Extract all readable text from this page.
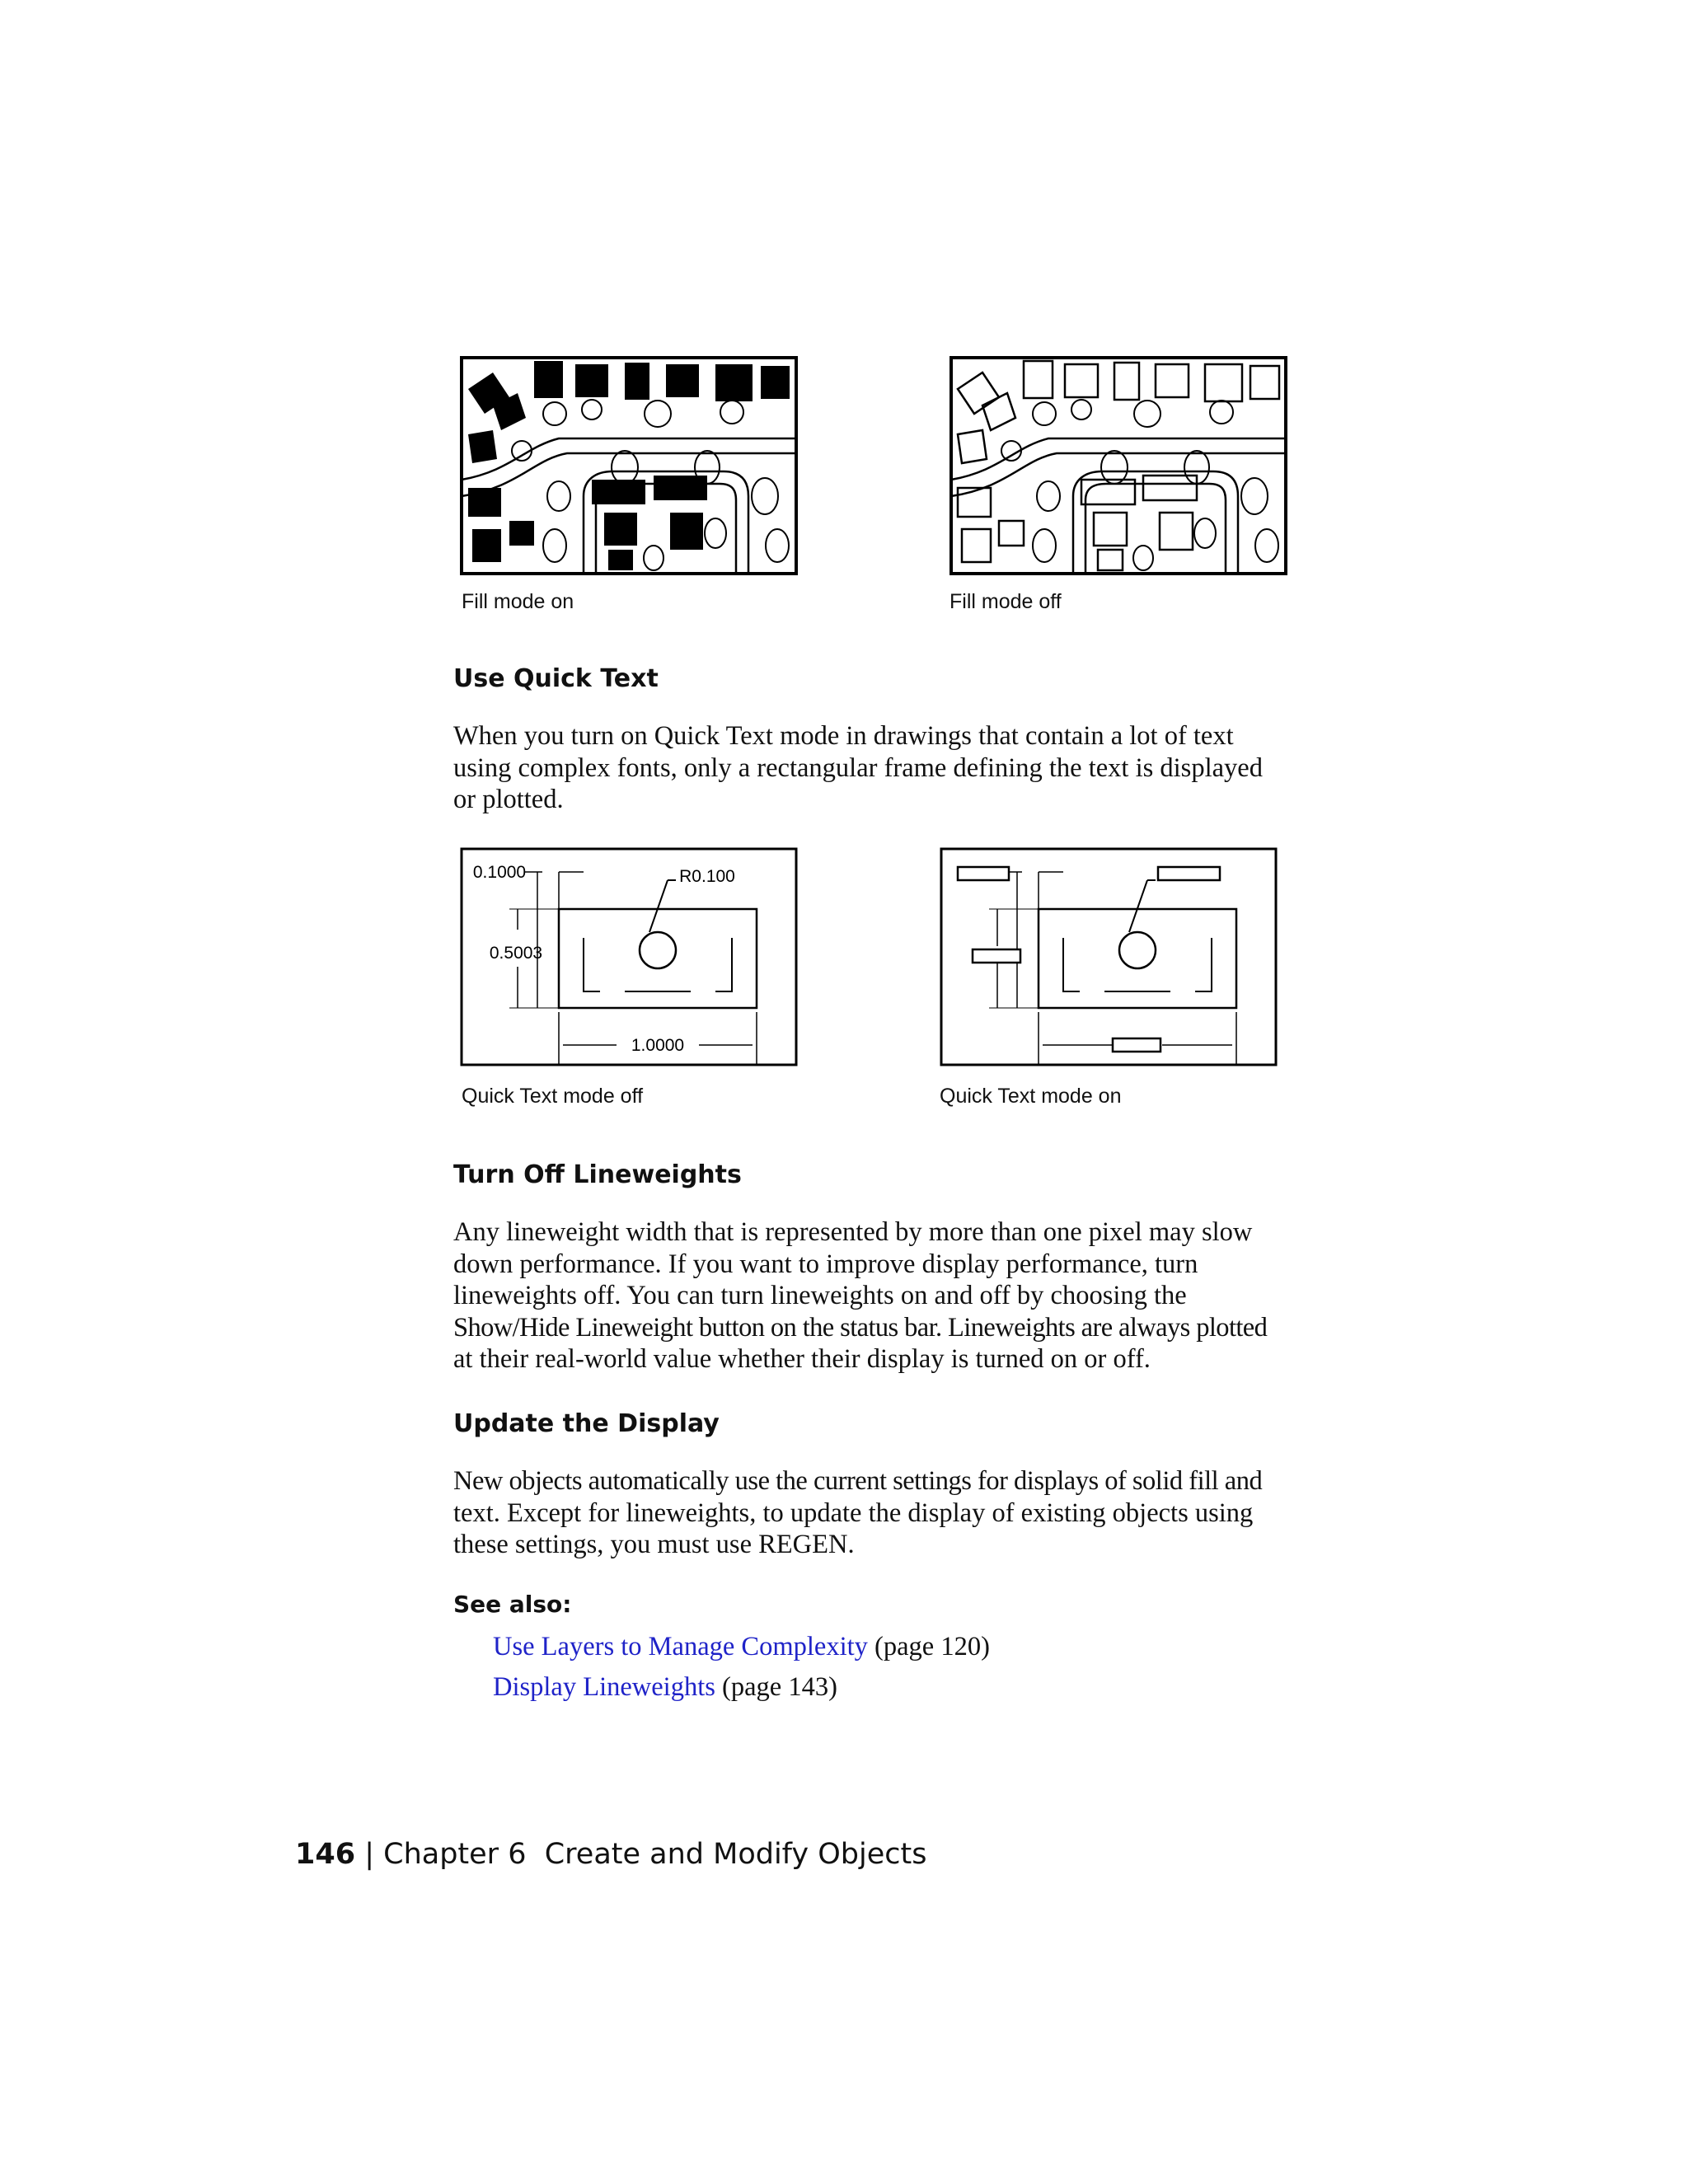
Fill mode on	Fill mode off
Use Quick Text
When you turn on Quick Text mode in drawings that contain a lot of text
using complex fonts, only a rectangular frame defining the text is displayed
or plotted.
R0.100
0.1000
0.5003
1.0000
Quick Text mode off	Quick Text mode on
Turn Off Lineweights
Any lineweight width that is represented by more than one pixel may slow
down performance. If you want to improve display performance, turn
lineweights off. You can turn lineweights on and off by choosing the
Show/Hide Lineweight button on the status bar. Lineweights are always plotted
at their real-world value whether their display is turned on or off.
Update the Display
New objects automatically use the current settings for displays of solid fill and
text. Except for lineweights, to update the display of existing objects using
these settings, you must use REGEN.
See also:
Use Layers to Manage Complexity (page 120)
Display Lineweights (page 143)
146 | Chapter 6 Create and Modify Objects
